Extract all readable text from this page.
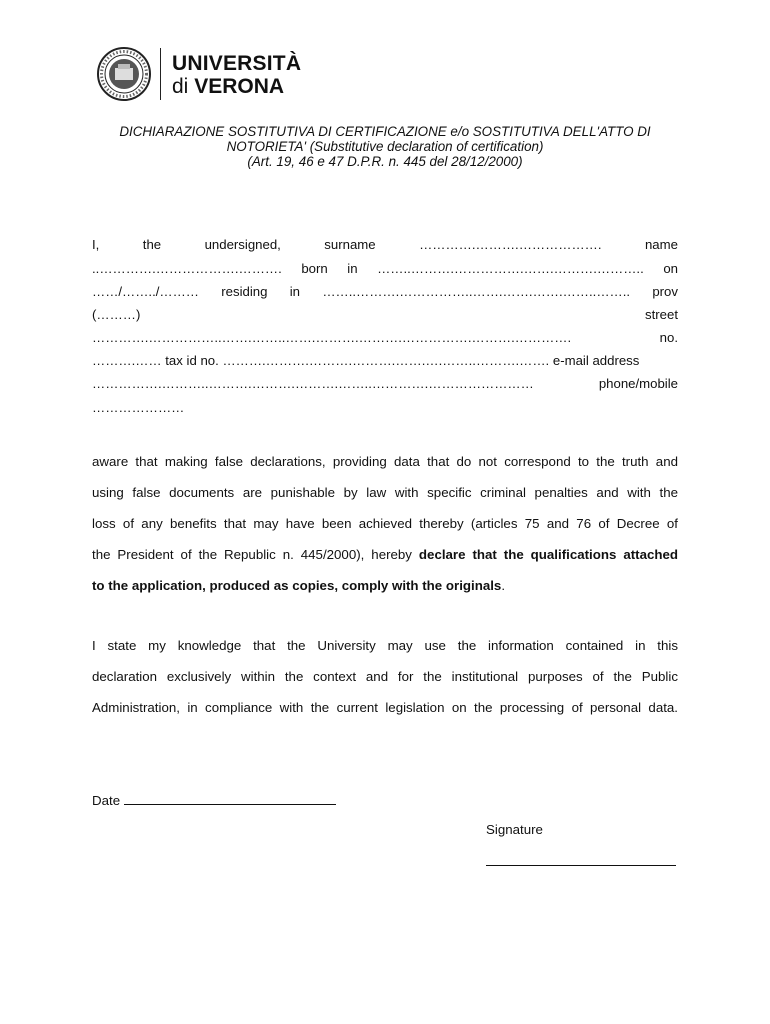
UNIVERSITÀ
di VERONA
DICHIARAZIONE SOSTITUTIVA DI CERTIFICAZIONE e/o SOSTITUTIVA DELL'ATTO DI
NOTORIETA' (Substitutive declaration of certification)
(Art. 19, 46 e 47 D.P.R. n. 445 del 28/12/2000)
I,	the	undersigned,	surname	………….……….……………….	name
..………….……………….………. born in ……..……….…………….…….……….……….. on
……/……../……… residing in ……..……….……………..…….…….…….……..…….. prov
(………)	street
………….……………..…….……..…….……….……….…………….……….………….	no.
……….…… tax id no. ……….……….……….……….…….….……..……….……. e-mail address
…………….………..……….……….……….……..………….……………………	phone/mobile
…………………
aware that making false declarations, providing data that do not correspond to the truth and
using false documents are punishable by law with specific criminal penalties and with the
loss of any benefits that may have been achieved thereby (articles 75 and 76 of Decree of
the President of the Republic n. 445/2000), hereby declare that the qualifications attached
to the application, produced as copies, comply with the originals.
I state my knowledge that the University may use the information contained in this
declaration exclusively within the context and for the institutional purposes of the Public
Administration, in compliance with the current legislation on the processing of personal data.
Date
Signature
